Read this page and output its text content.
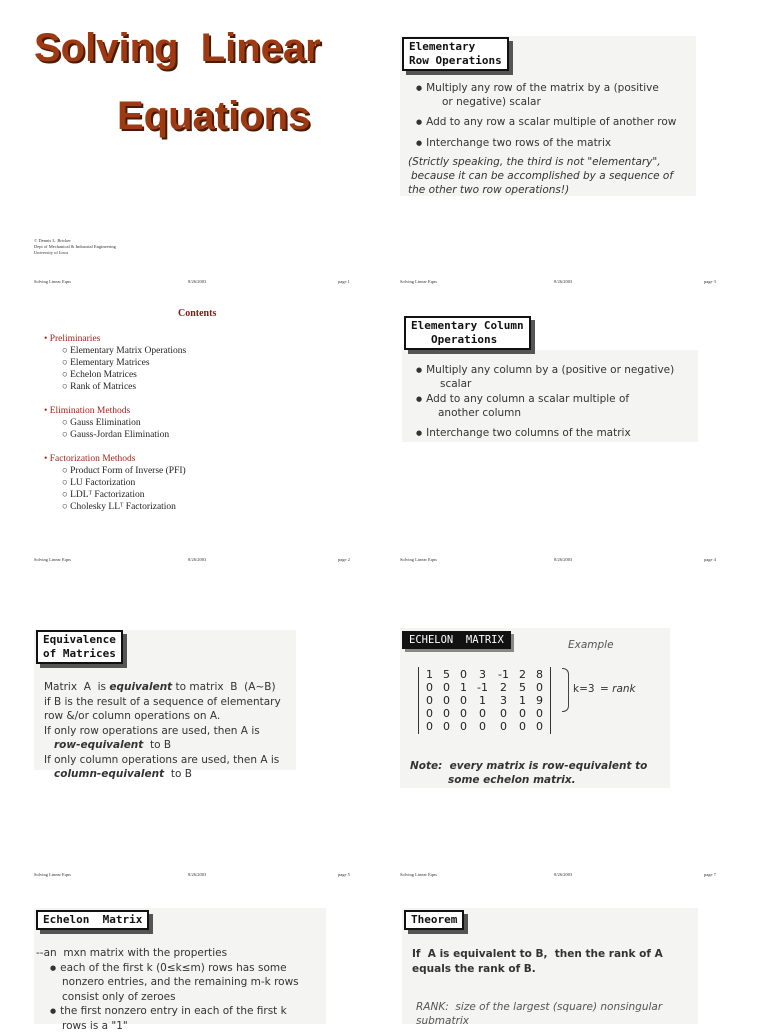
Solving  Linear
Equations
© Dennis L. Bricker
Dept of Mechanical & Industrial Engineering
University of Iowa
Solving Linear Eqns	8/26/2003	page 1
Elementary
Row Operations
● Multiply any row of the matrix by a (positive
or negative) scalar
● Add to any row a scalar multiple of another row
● Interchange two rows of the matrix
(Strictly speaking, the third is not "elementary",
because it can be accomplished by a sequence of
the other two row operations!)
Solving Linear Eqns	8/26/2003	page 3
Contents
• Preliminaries
○ Elementary Matrix Operations
○ Elementary Matrices
○ Echelon Matrices
○ Rank of Matrices
• Elimination Methods
○ Gauss Elimination
○ Gauss-Jordan Elimination
• Factorization Methods
○ Product Form of Inverse (PFI)
○ LU Factorization
○ LDLᵀ Factorization
○ Cholesky LLᵀ Factorization
Solving Linear Eqns	8/26/2003	page 2
Elementary Column
Operations
● Multiply any column by a (positive or negative)
scalar
● Add to any column a scalar multiple of
another column
● Interchange two columns of the matrix
Solving Linear Eqns	8/26/2003	page 4
Equivalence
of Matrices
Matrix  A  is equivalent to matrix  B  (A~B)
if B is the result of a sequence of elementary
row &/or column operations on A.
If only row operations are used, then A is
row-equivalent  to B
If only column operations are used, then A is
column-equivalent  to B
Solving Linear Eqns	8/26/2003	page 5
ECHELON  MATRIX	Example
1	5	0	3	-1	2	8
0	0	1	-1	2	5	0
0	0	0	1	3	1	9
0	0	0	0	0	0	0
0	0	0	0	0	0	0
k=3 = rank
Note:  every matrix is row-equivalent to
some echelon matrix.
Solving Linear Eqns	8/26/2003	page 7
Echelon  Matrix
--an  mxn matrix with the properties
● each of the first k (0≤k≤m) rows has some
nonzero entries, and the remaining m-k rows
consist only of zeroes
● the first nonzero entry in each of the first k
rows is a "1"
Theorem
If  A is equivalent to B,  then the rank of A
equals the rank of B.
RANK:  size of the largest (square) nonsingular
submatrix
